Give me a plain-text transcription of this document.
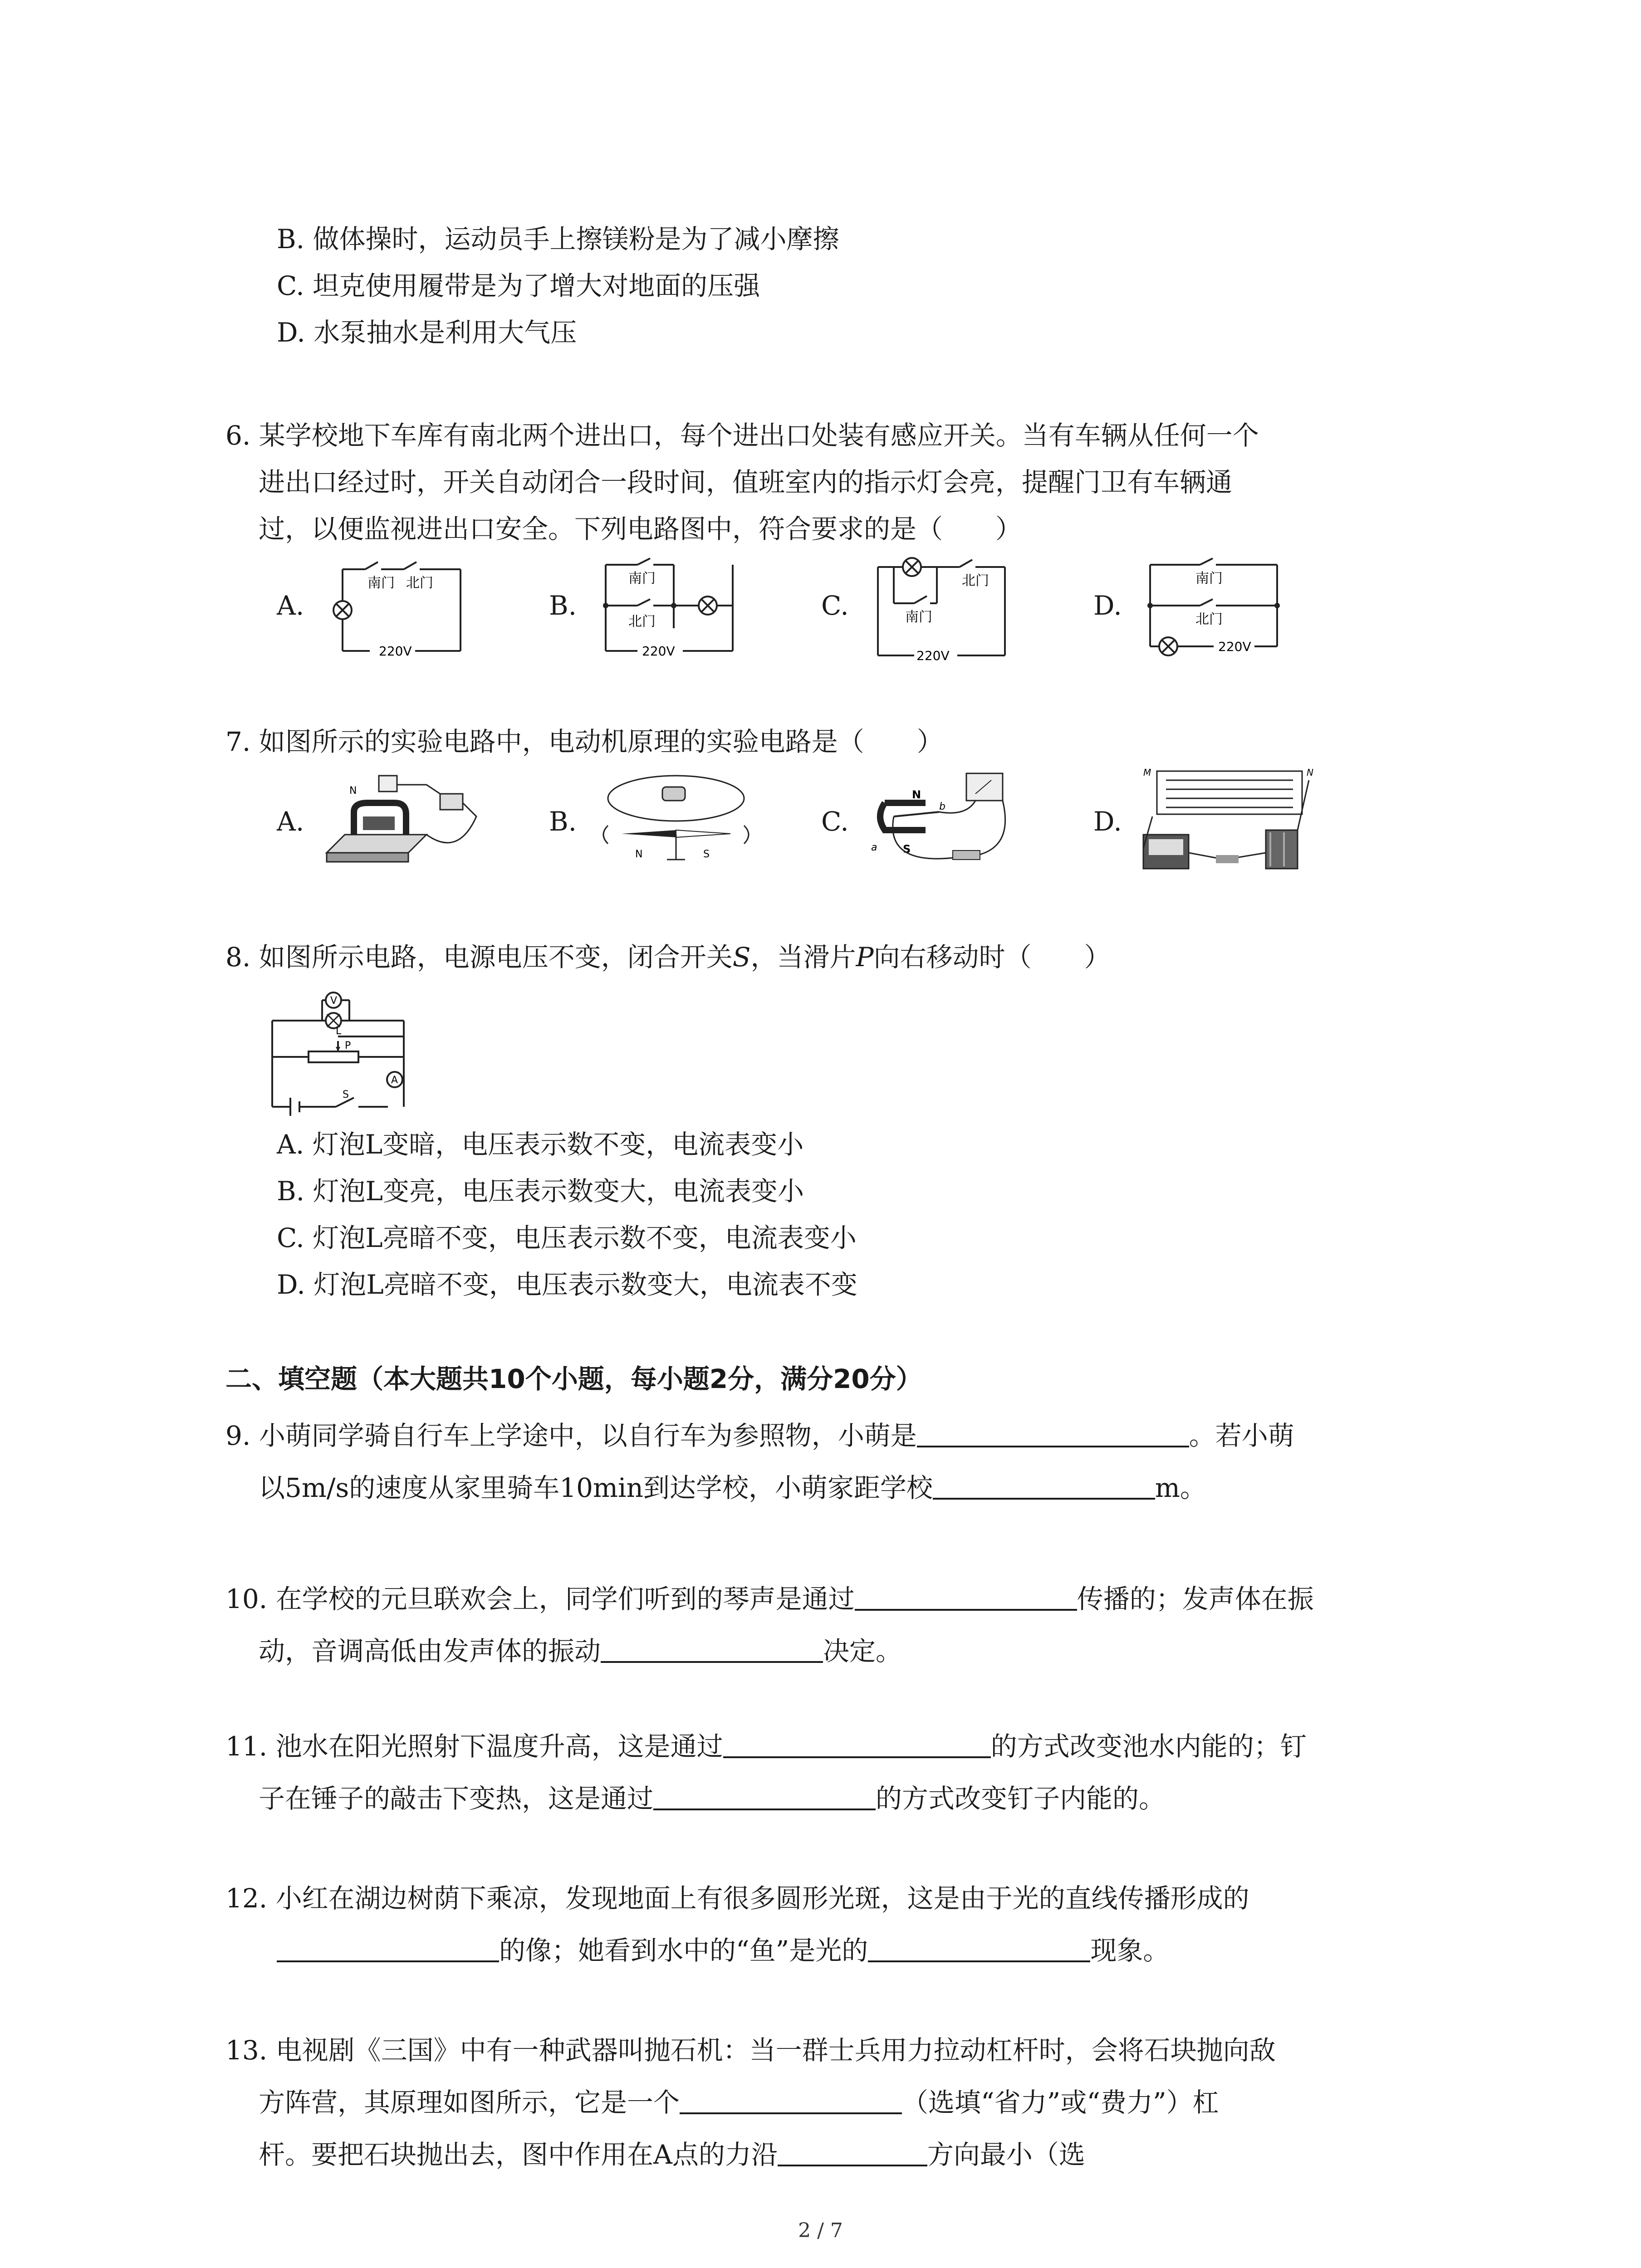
B. 做体操时，运动员手上擦镁粉是为了减小摩擦
C. 坦克使用履带是为了增大对地面的压强
D. 水泵抽水是利用大气压
6. 某学校地下车库有南北两个进出口，每个进出口处装有感应开关。当有车辆从任何一个
进出口经过时，开关自动闭合一段时间，值班室内的指示灯会亮，提醒门卫有车辆通
过，以便监视进出口安全。下列电路图中，符合要求的是（　　）
A.	B.	C.	D.
南门 北门
220V
南门
北门
220V
北门
南门
220V
南门
北门
220V
7. 如图所示的实验电路中，电动机原理的实验电路是（　　）
A.	B.	C.	D.
N
N	S
N
S
a
b
M	N
8. 如图所示电路，电源电压不变，闭合开关S，当滑片P向右移动时（　　）
V
L
P
A
S
A. 灯泡L变暗，电压表示数不变，电流表变小
B. 灯泡L变亮，电压表示数变大，电流表变小
C. 灯泡L亮暗不变，电压表示数不变，电流表变小
D. 灯泡L亮暗不变，电压表示数变大，电流表不变
二、填空题（本大题共10个小题，每小题2分，满分20分）
9. 小萌同学骑自行车上学途中，以自行车为参照物，小萌是	。若小萌
以5m/s的速度从家里骑车10min到达学校，小萌家距学校	m。
10. 在学校的元旦联欢会上，同学们听到的琴声是通过	传播的；发声体在振
动，音调高低由发声体的振动	决定。
11. 池水在阳光照射下温度升高，这是通过	的方式改变池水内能的；钉
子在锤子的敲击下变热，这是通过	的方式改变钉子内能的。
12. 小红在湖边树荫下乘凉，发现地面上有很多圆形光斑，这是由于光的直线传播形成的
的像；她看到水中的“鱼”是光的	现象。
13. 电视剧《三国》中有一种武器叫抛石机：当一群士兵用力拉动杠杆时，会将石块抛向敌
方阵营，其原理如图所示，它是一个	（选填“省力”或“费力”）杠
杆。要把石块抛出去，图中作用在A点的力沿	方向最小（选
2 / 7
